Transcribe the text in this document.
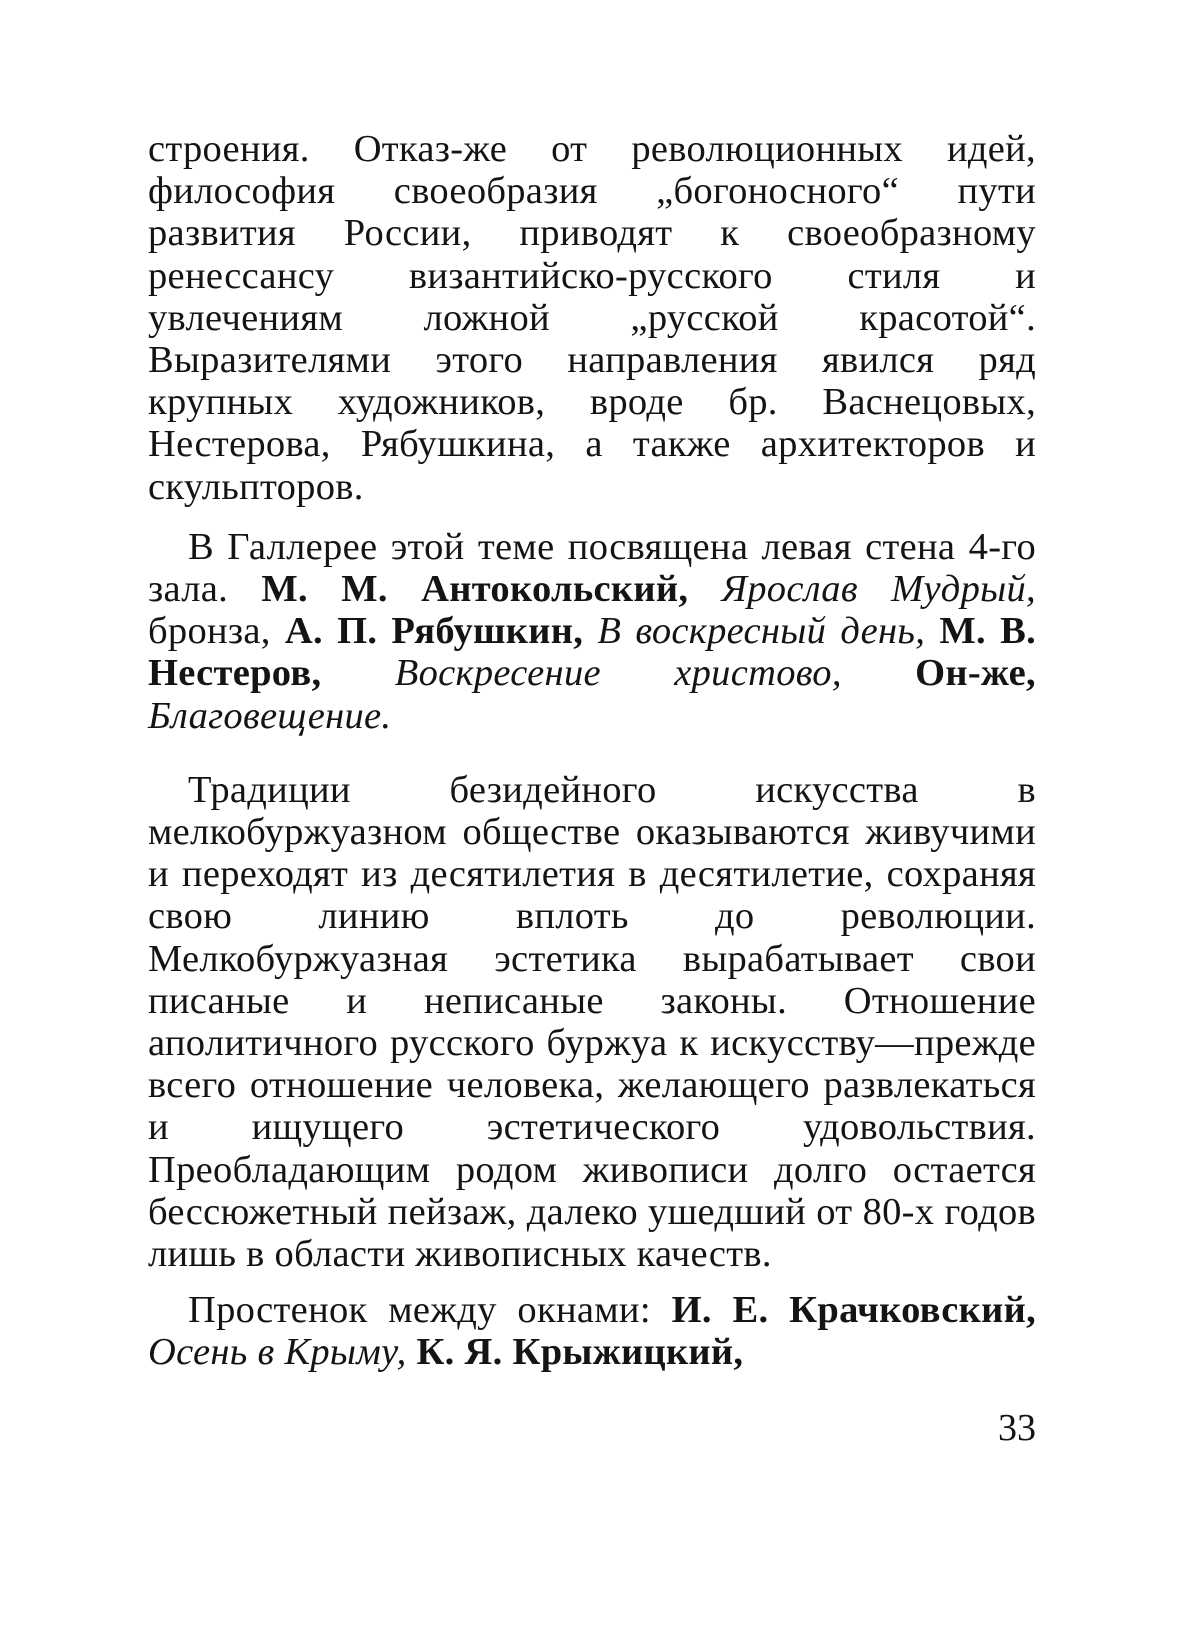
строения. Отказ-же от революционных идей, философия своеобразия „богоносного“ пути развития России, приводят к своеобразному ренессансу византийско-русского стиля и увлечениям ложной „русской красотой“. Выразителями этого направления явился ряд крупных художников, вроде бр. Васнецовых, Нестерова, Рябушкина, а также архитекторов и скульпторов.

В Галлерее этой теме посвящена левая стена 4-го зала. М. М. Антокольский, Ярослав Мудрый, бронза, А. П. Рябушкин, В воскресный день, М. В. Нестеров, Воскресение христово, Он-же, Благовещение.

Традиции безидейного искусства в мелкобуржуазном обществе оказываются живучими и переходят из десятилетия в десятилетие, сохраняя свою линию вплоть до революции. Мелкобуржуазная эстетика вырабатывает свои писаные и неписаные законы. Отношение аполитичного русского буржуа к искусству—прежде всего отношение человека, желающего развлекаться и ищущего эстетического удовольствия. Преобладающим родом живописи долго остается бессюжетный пейзаж, далеко ушедший от 80-х годов лишь в области живописных качеств.

Простенок между окнами: И. Е. Крачковский, Осень в Крыму, К. Я. Крыжицкий,

33
